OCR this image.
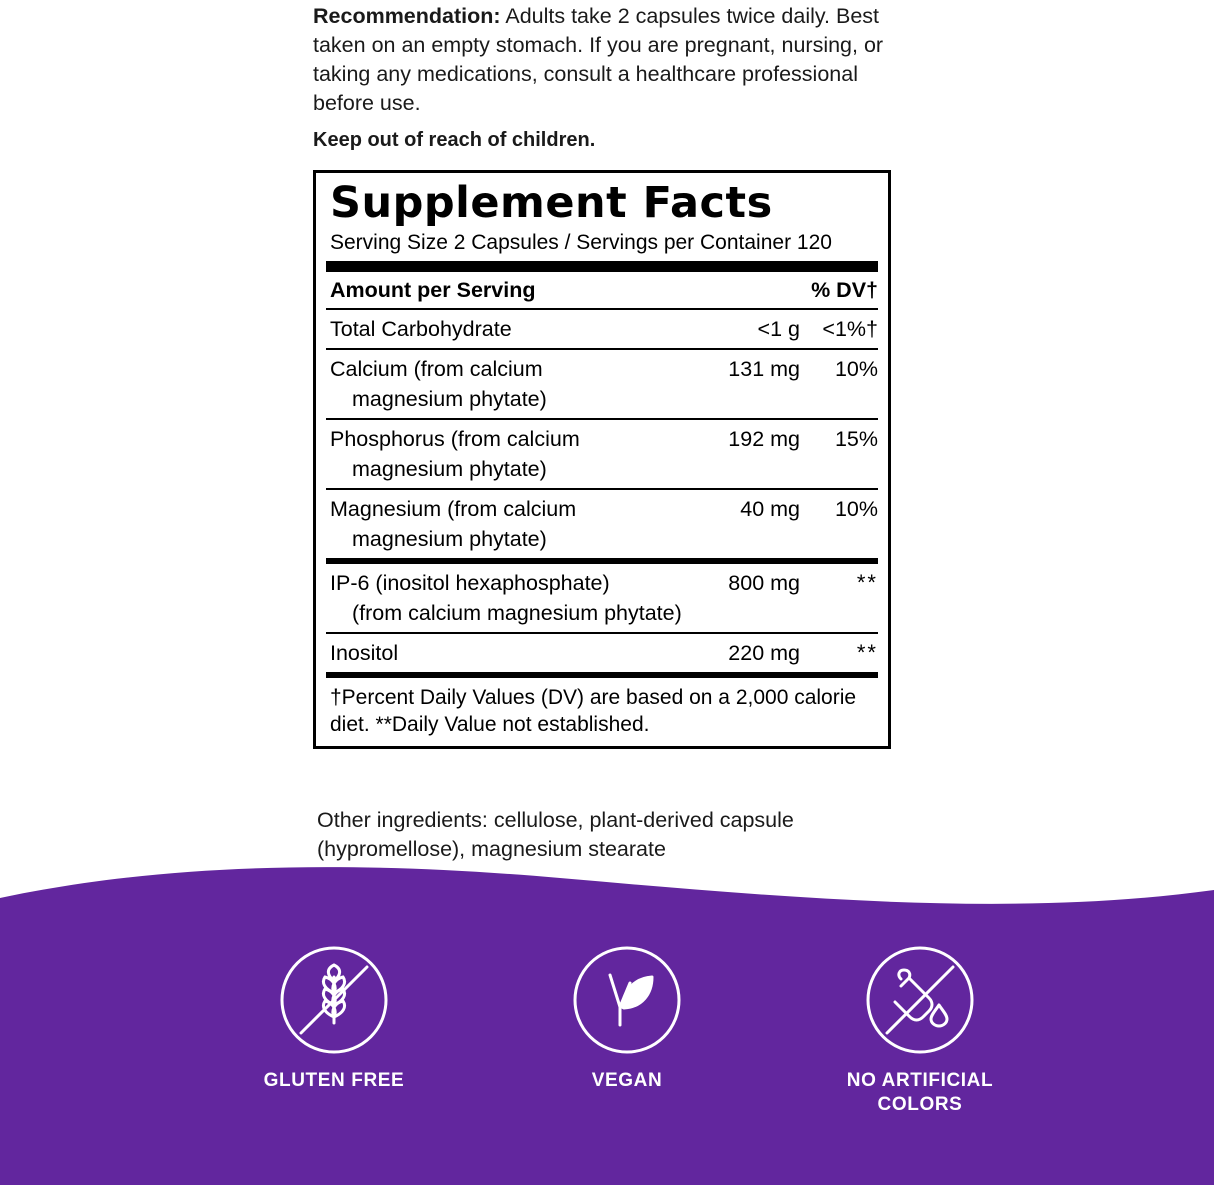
Recommendation: Adults take 2 capsules twice daily. Best taken on an empty stomach. If you are pregnant, nursing, or taking any medications, consult a healthcare professional before use.

Keep out of reach of children.

Supplement Facts
Serving Size 2 Capsules / Servings per Container 120
Amount per Serving	% DV†
Total Carbohydrate	<1 g	<1%†
Calcium (from calcium
magnesium phytate)
131 mg	10%
Phosphorus (from calcium
magnesium phytate)
192 mg	15%
Magnesium (from calcium
magnesium phytate)
40 mg	10%
IP-6 (inositol hexaphosphate)
(from calcium magnesium phytate)
800 mg	**
Inositol	220 mg	**
†Percent Daily Values (DV) are based on a 2,000 calorie diet. **Daily Value not established.
Other ingredients: cellulose, plant-derived capsule (hypromellose), magnesium stearate
GLUTEN FREE	VEGAN	NO ARTIFICIAL COLORS
